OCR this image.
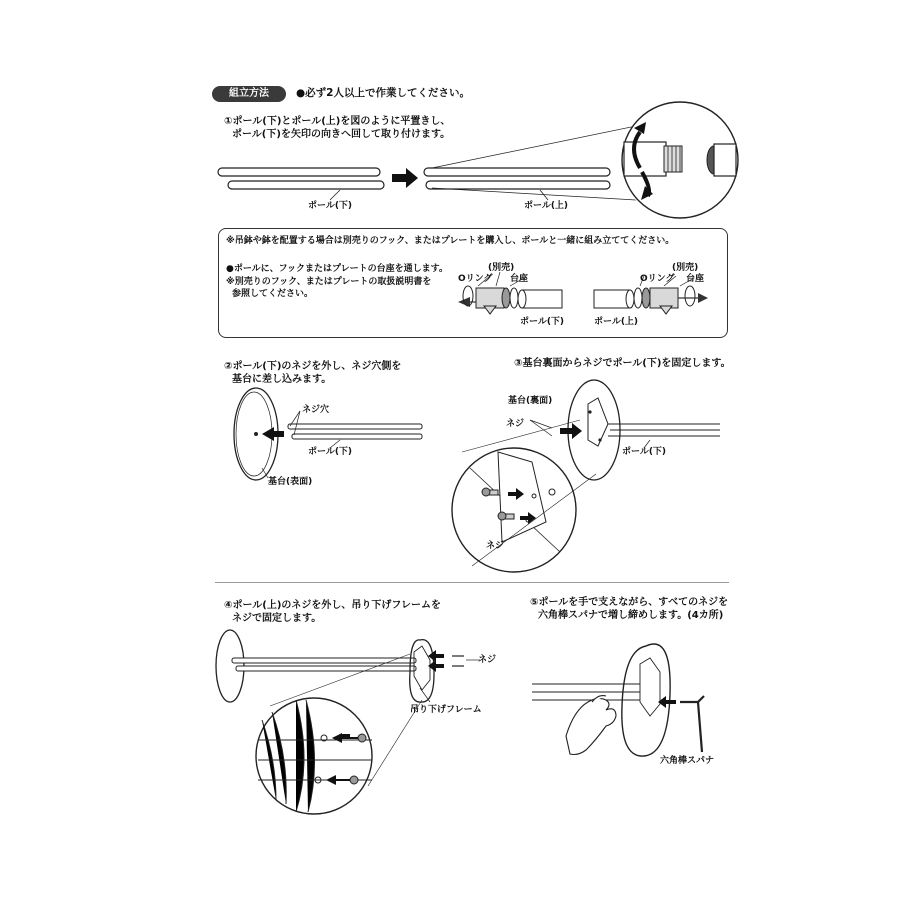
組立方法	●必ず2人以上で作業してください。
①ポール(下)とポール(上)を図のように平置きし、
ポール(下)を矢印の向きへ回して取り付けます。
ポール(下)	ポール(上)
※吊鉢や鉢を配置する場合は別売りのフック、またはプレートを購入し、ポールと一緒に組み立ててください。
●ポールに、フックまたはプレートの台座を通します。
※別売りのフック、またはプレートの取扱説明書を
参照してください。
(別売)
Oリング 台座
(別売)
Oリング 台座
ポール(下)	ポール(上)
②ポール(下)のネジを外し、ネジ穴側を
基台に差し込みます。
ネジ穴
ポール(下)
基台(表面)
③基台裏面からネジでポール(下)を固定します。
基台(裏面)
ネジ
ポール(下)
ネジ
④ポール(上)のネジを外し、吊り下げフレームを
ネジで固定します。
ネジ
吊り下げフレーム
⑤ポールを手で支えながら、すべてのネジを
六角棒スパナで増し締めします。(4カ所)
六角棒スパナ
